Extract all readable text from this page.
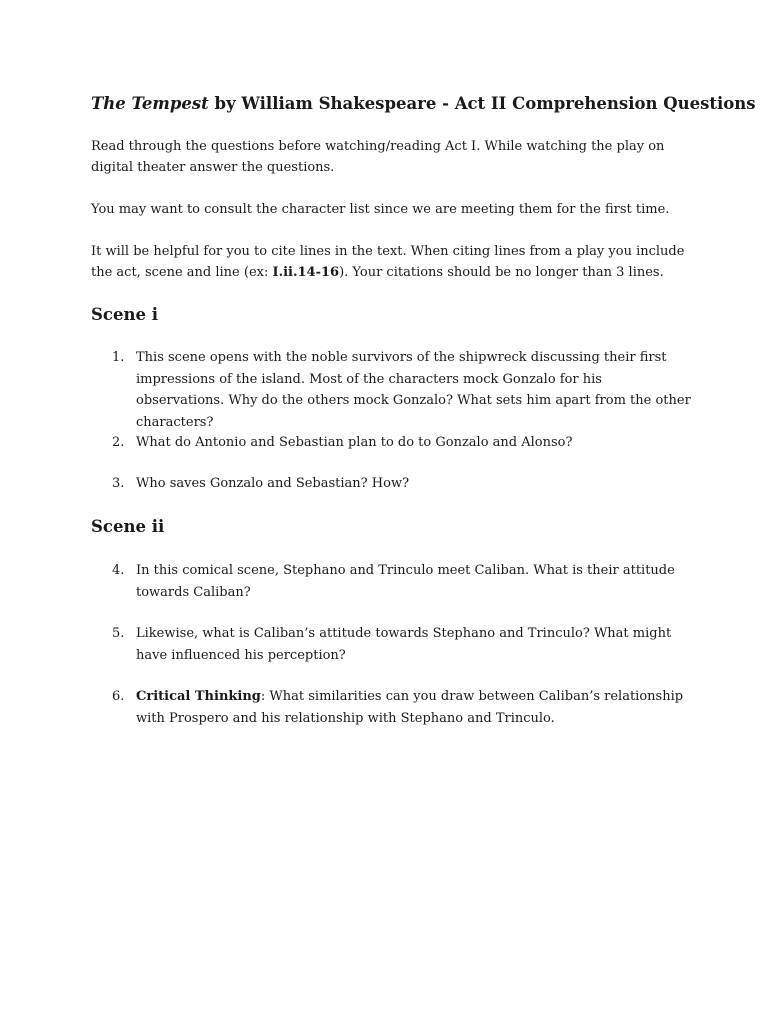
The Tempest by William Shakespeare - Act II Comprehension Questions
Read through the questions before watching/reading Act I. While watching the play on digital theater answer the questions.
You may want to consult the character list since we are meeting them for the first time.
It will be helpful for you to cite lines in the text. When citing lines from a play you include the act, scene and line (ex: I.ii.14-16). Your citations should be no longer than 3 lines.
Scene i
1. This scene opens with the noble survivors of the shipwreck discussing their first impressions of the island. Most of the characters mock Gonzalo for his observations. Why do the others mock Gonzalo? What sets him apart from the other characters?
2. What do Antonio and Sebastian plan to do to Gonzalo and Alonso?
3. Who saves Gonzalo and Sebastian? How?
Scene ii
4. In this comical scene, Stephano and Trinculo meet Caliban. What is their attitude towards Caliban?
5. Likewise, what is Caliban’s attitude towards Stephano and Trinculo? What might have influenced his perception?
6. Critical Thinking: What similarities can you draw between Caliban’s relationship with Prospero and his relationship with Stephano and Trinculo.
